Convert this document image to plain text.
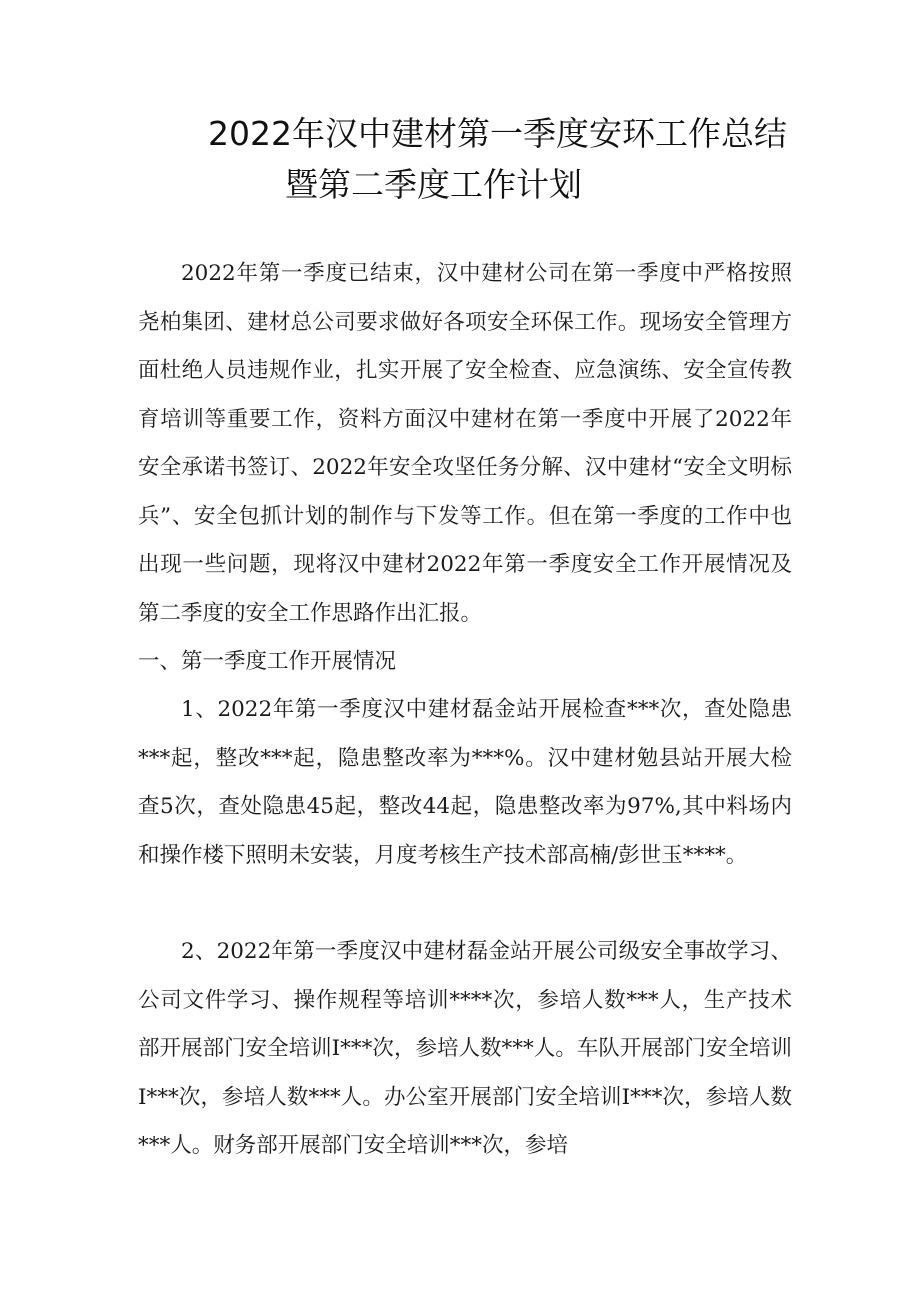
2022年汉中建材第一季度安环工作总结
暨第二季度工作计划

2022年第一季度已结束，汉中建材公司在第一季度中严格按照尧柏集团、建材总公司要求做好各项安全环保工作。现场安全管理方面杜绝人员违规作业，扎实开展了安全检查、应急演练、安全宣传教育培训等重要工作，资料方面汉中建材在第一季度中开展了2022年安全承诺书签订、2022年安全攻坚任务分解、汉中建材“安全文明标兵”、安全包抓计划的制作与下发等工作。但在第一季度的工作中也出现一些问题，现将汉中建材2022年第一季度安全工作开展情况及第二季度的安全工作思路作出汇报。

一、第一季度工作开展情况

1、2022年第一季度汉中建材磊金站开展检查***次，查处隐患***起，整改***起，隐患整改率为***%。汉中建材勉县站开展大检查5次，查处隐患45起，整改44起，隐患整改率为97%,其中料场内和操作楼下照明未安装，月度考核生产技术部高楠/彭世玉****。

2、2022年第一季度汉中建材磊金站开展公司级安全事故学习、公司文件学习、操作规程等培训****次，参培人数***人，生产技术部开展部门安全培训I***次，参培人数***人。车队开展部门安全培训I***次，参培人数***人。办公室开展部门安全培训I***次，参培人数***人。财务部开展部门安全培训***次，参培
